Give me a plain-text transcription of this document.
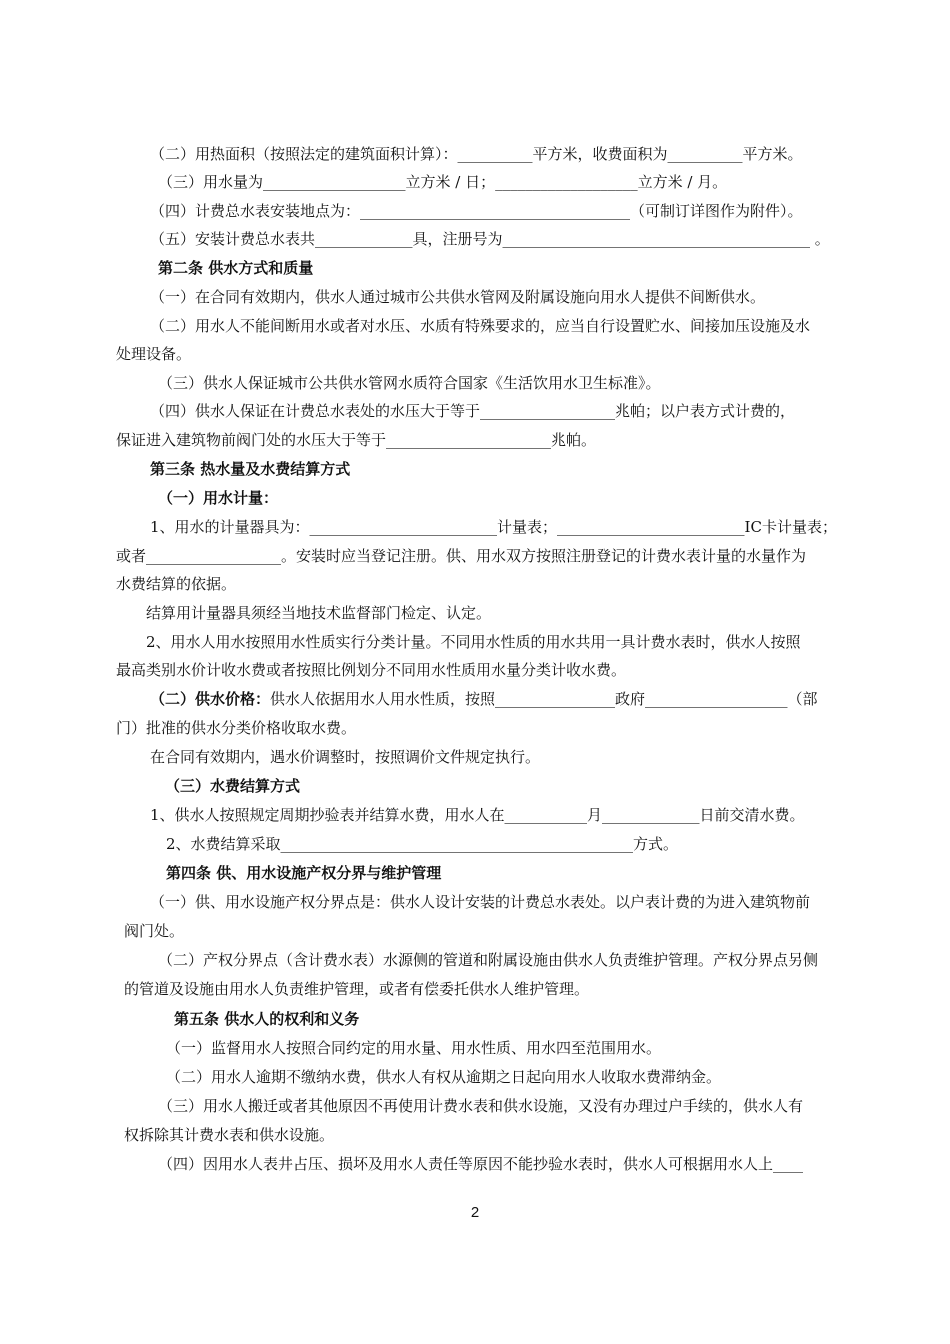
（二）用热面积（按照法定的建筑面积计算）：__________平方米，收费面积为__________平方米。
（三）用水量为___________________立方米 / 日；___________________立方米 / 月。
（四）计费总水表安装地点为：____________________________________（可制订详图作为附件）。
（五）安装计费总水表共_____________具，注册号为_________________________________________ 。
第二条 供水方式和质量
（一）在合同有效期内，供水人通过城市公共供水管网及附属设施向用水人提供不间断供水。
（二）用水人不能间断用水或者对水压、水质有特殊要求的，应当自行设置贮水、间接加压设施及水
处理设备。
（三）供水人保证城市公共供水管网水质符合国家《生活饮用水卫生标准》。
（四）供水人保证在计费总水表处的水压大于等于__________________兆帕；以户表方式计费的，
保证进入建筑物前阀门处的水压大于等于______________________兆帕。
第三条 热水量及水费结算方式
（一）用水计量：
1、用水的计量器具为：_________________________计量表；_________________________IC卡计量表；
或者__________________。安装时应当登记注册。供、用水双方按照注册登记的计费水表计量的水量作为
水费结算的依据。
结算用计量器具须经当地技术监督部门检定、认定。
2、用水人用水按照用水性质实行分类计量。不同用水性质的用水共用一具计费水表时，供水人按照
最高类别水价计收水费或者按照比例划分不同用水性质用水量分类计收水费。
（二）供水价格：供水人依据用水人用水性质，按照________________政府___________________（部
门）批准的供水分类价格收取水费。
在合同有效期内，遇水价调整时，按照调价文件规定执行。
（三）水费结算方式
1、供水人按照规定周期抄验表并结算水费，用水人在___________月_____________日前交清水费。
2、水费结算采取_______________________________________________方式。
第四条 供、用水设施产权分界与维护管理
（一）供、用水设施产权分界点是：供水人设计安装的计费总水表处。以户表计费的为进入建筑物前
阀门处。
（二）产权分界点（含计费水表）水源侧的管道和附属设施由供水人负责维护管理。产权分界点另侧
的管道及设施由用水人负责维护管理，或者有偿委托供水人维护管理。
第五条 供水人的权利和义务
（一）监督用水人按照合同约定的用水量、用水性质、用水四至范围用水。
（二）用水人逾期不缴纳水费，供水人有权从逾期之日起向用水人收取水费滞纳金。
（三）用水人搬迁或者其他原因不再使用计费水表和供水设施，又没有办理过户手续的，供水人有
权拆除其计费水表和供水设施。
（四）因用水人表井占压、损坏及用水人责任等原因不能抄验水表时，供水人可根据用水人上____
2
